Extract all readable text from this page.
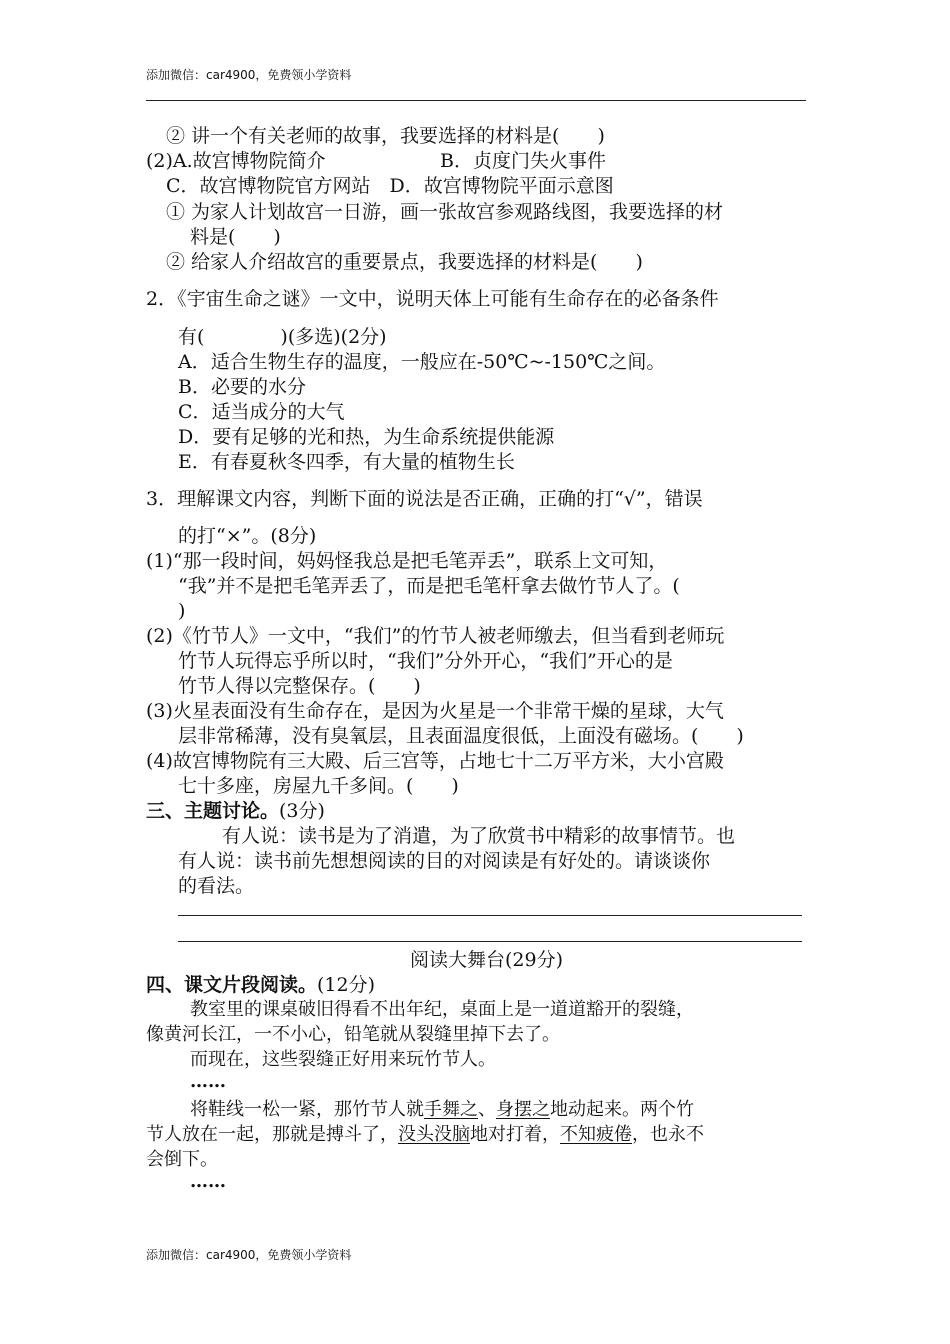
添加微信：car4900，免费领小学资料
② 讲一个有关老师的故事，我要选择的材料是(　　)
(2)A.故宫博物院简介	B．贞度门失火事件
C．故宫博物院官方网站　D．故宫博物院平面示意图
① 为家人计划故宫一日游，画一张故宫参观路线图，我要选择的材
料是(　　)
② 给家人介绍故宫的重要景点，我要选择的材料是(　　)
2．《宇宙生命之谜》一文中，说明天体上可能有生命存在的必备条件
有(　　　　)(多选)(2分)
A．适合生物生存的温度，一般应在-50℃~-150℃之间。
B．必要的水分
C．适当成分的大气
D．要有足够的光和热，为生命系统提供能源
E．有春夏秋冬四季，有大量的植物生长
3．理解课文内容，判断下面的说法是否正确，正确的打“√”，错误
的打“×”。(8分)
(1)“那一段时间，妈妈怪我总是把毛笔弄丢”，联系上文可知，
“我”并不是把毛笔弄丢了，而是把毛笔杆拿去做竹节人了。(
)
(2)《竹节人》一文中，“我们”的竹节人被老师缴去，但当看到老师玩
竹节人玩得忘乎所以时，“我们”分外开心，“我们”开心的是
竹节人得以完整保存。(　　)
(3)火星表面没有生命存在，是因为火星是一个非常干燥的星球，大气
层非常稀薄，没有臭氧层，且表面温度很低，上面没有磁场。(　　)
(4)故宫博物院有三大殿、后三宫等，占地七十二万平方米，大小宫殿
七十多座，房屋九千多间。(　　)
三、主题讨论。(3分)
有人说：读书是为了消遣，为了欣赏书中精彩的故事情节。也
有人说：读书前先想想阅读的目的对阅读是有好处的。请谈谈你
的看法。
阅读大舞台(29分)
四、课文片段阅读。(12分)
教室里的课桌破旧得看不出年纪，桌面上是一道道豁开的裂缝，
像黄河长江，一不小心，铅笔就从裂缝里掉下去了。
而现在，这些裂缝正好用来玩竹节人。
……
将鞋线一松一紧，那竹节人就手舞之、身摆之地动起来。两个竹
节人放在一起，那就是搏斗了，没头没脑地对打着，不知疲倦，也永不
会倒下。
……
添加微信：car4900，免费领小学资料
